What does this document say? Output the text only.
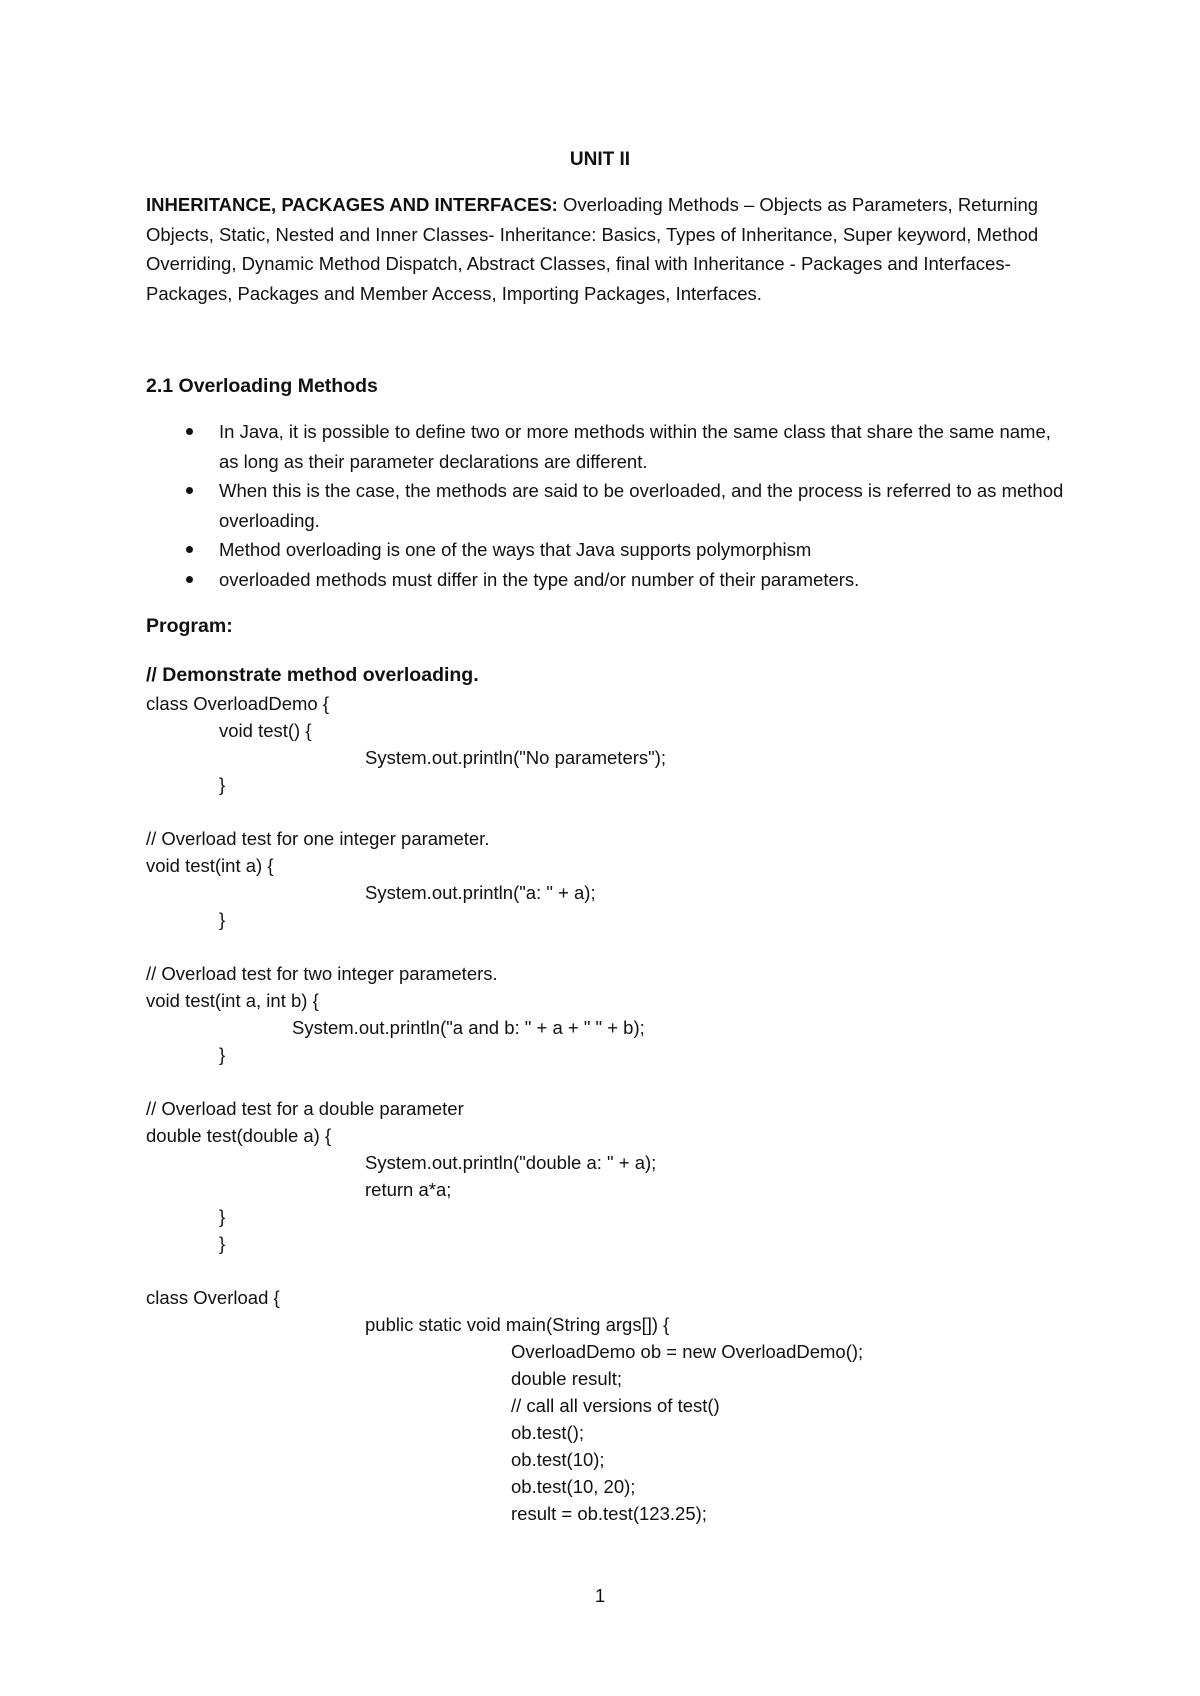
UNIT II

INHERITANCE, PACKAGES AND INTERFACES: Overloading Methods – Objects as Parameters, Returning Objects, Static, Nested and Inner Classes- Inheritance: Basics, Types of Inheritance, Super keyword, Method Overriding, Dynamic Method Dispatch, Abstract Classes, final with Inheritance - Packages and Interfaces- Packages, Packages and Member Access, Importing Packages, Interfaces.

2.1 Overloading Methods
In Java, it is possible to define two or more methods within the same class that share the same name, as long as their parameter declarations are different.
When this is the case, the methods are said to be overloaded, and the process is referred to as method overloading.
Method overloading is one of the ways that Java supports polymorphism
overloaded methods must differ in the type and/or number of their parameters.
Program:
// Demonstrate method overloading.
class OverloadDemo {
void test() {
System.out.println("No parameters");
}
// Overload test for one integer parameter.
void test(int a) {
System.out.println("a: " + a);
}
// Overload test for two integer parameters.
void test(int a, int b) {
System.out.println("a and b: " + a + " " + b);
}
// Overload test for a double parameter
double test(double a) {
System.out.println("double a: " + a);
return a*a;
}
}
class Overload {
public static void main(String args[]) {
OverloadDemo ob = new OverloadDemo();
double result;
// call all versions of test()
ob.test();
ob.test(10);
ob.test(10, 20);
result = ob.test(123.25);
1
